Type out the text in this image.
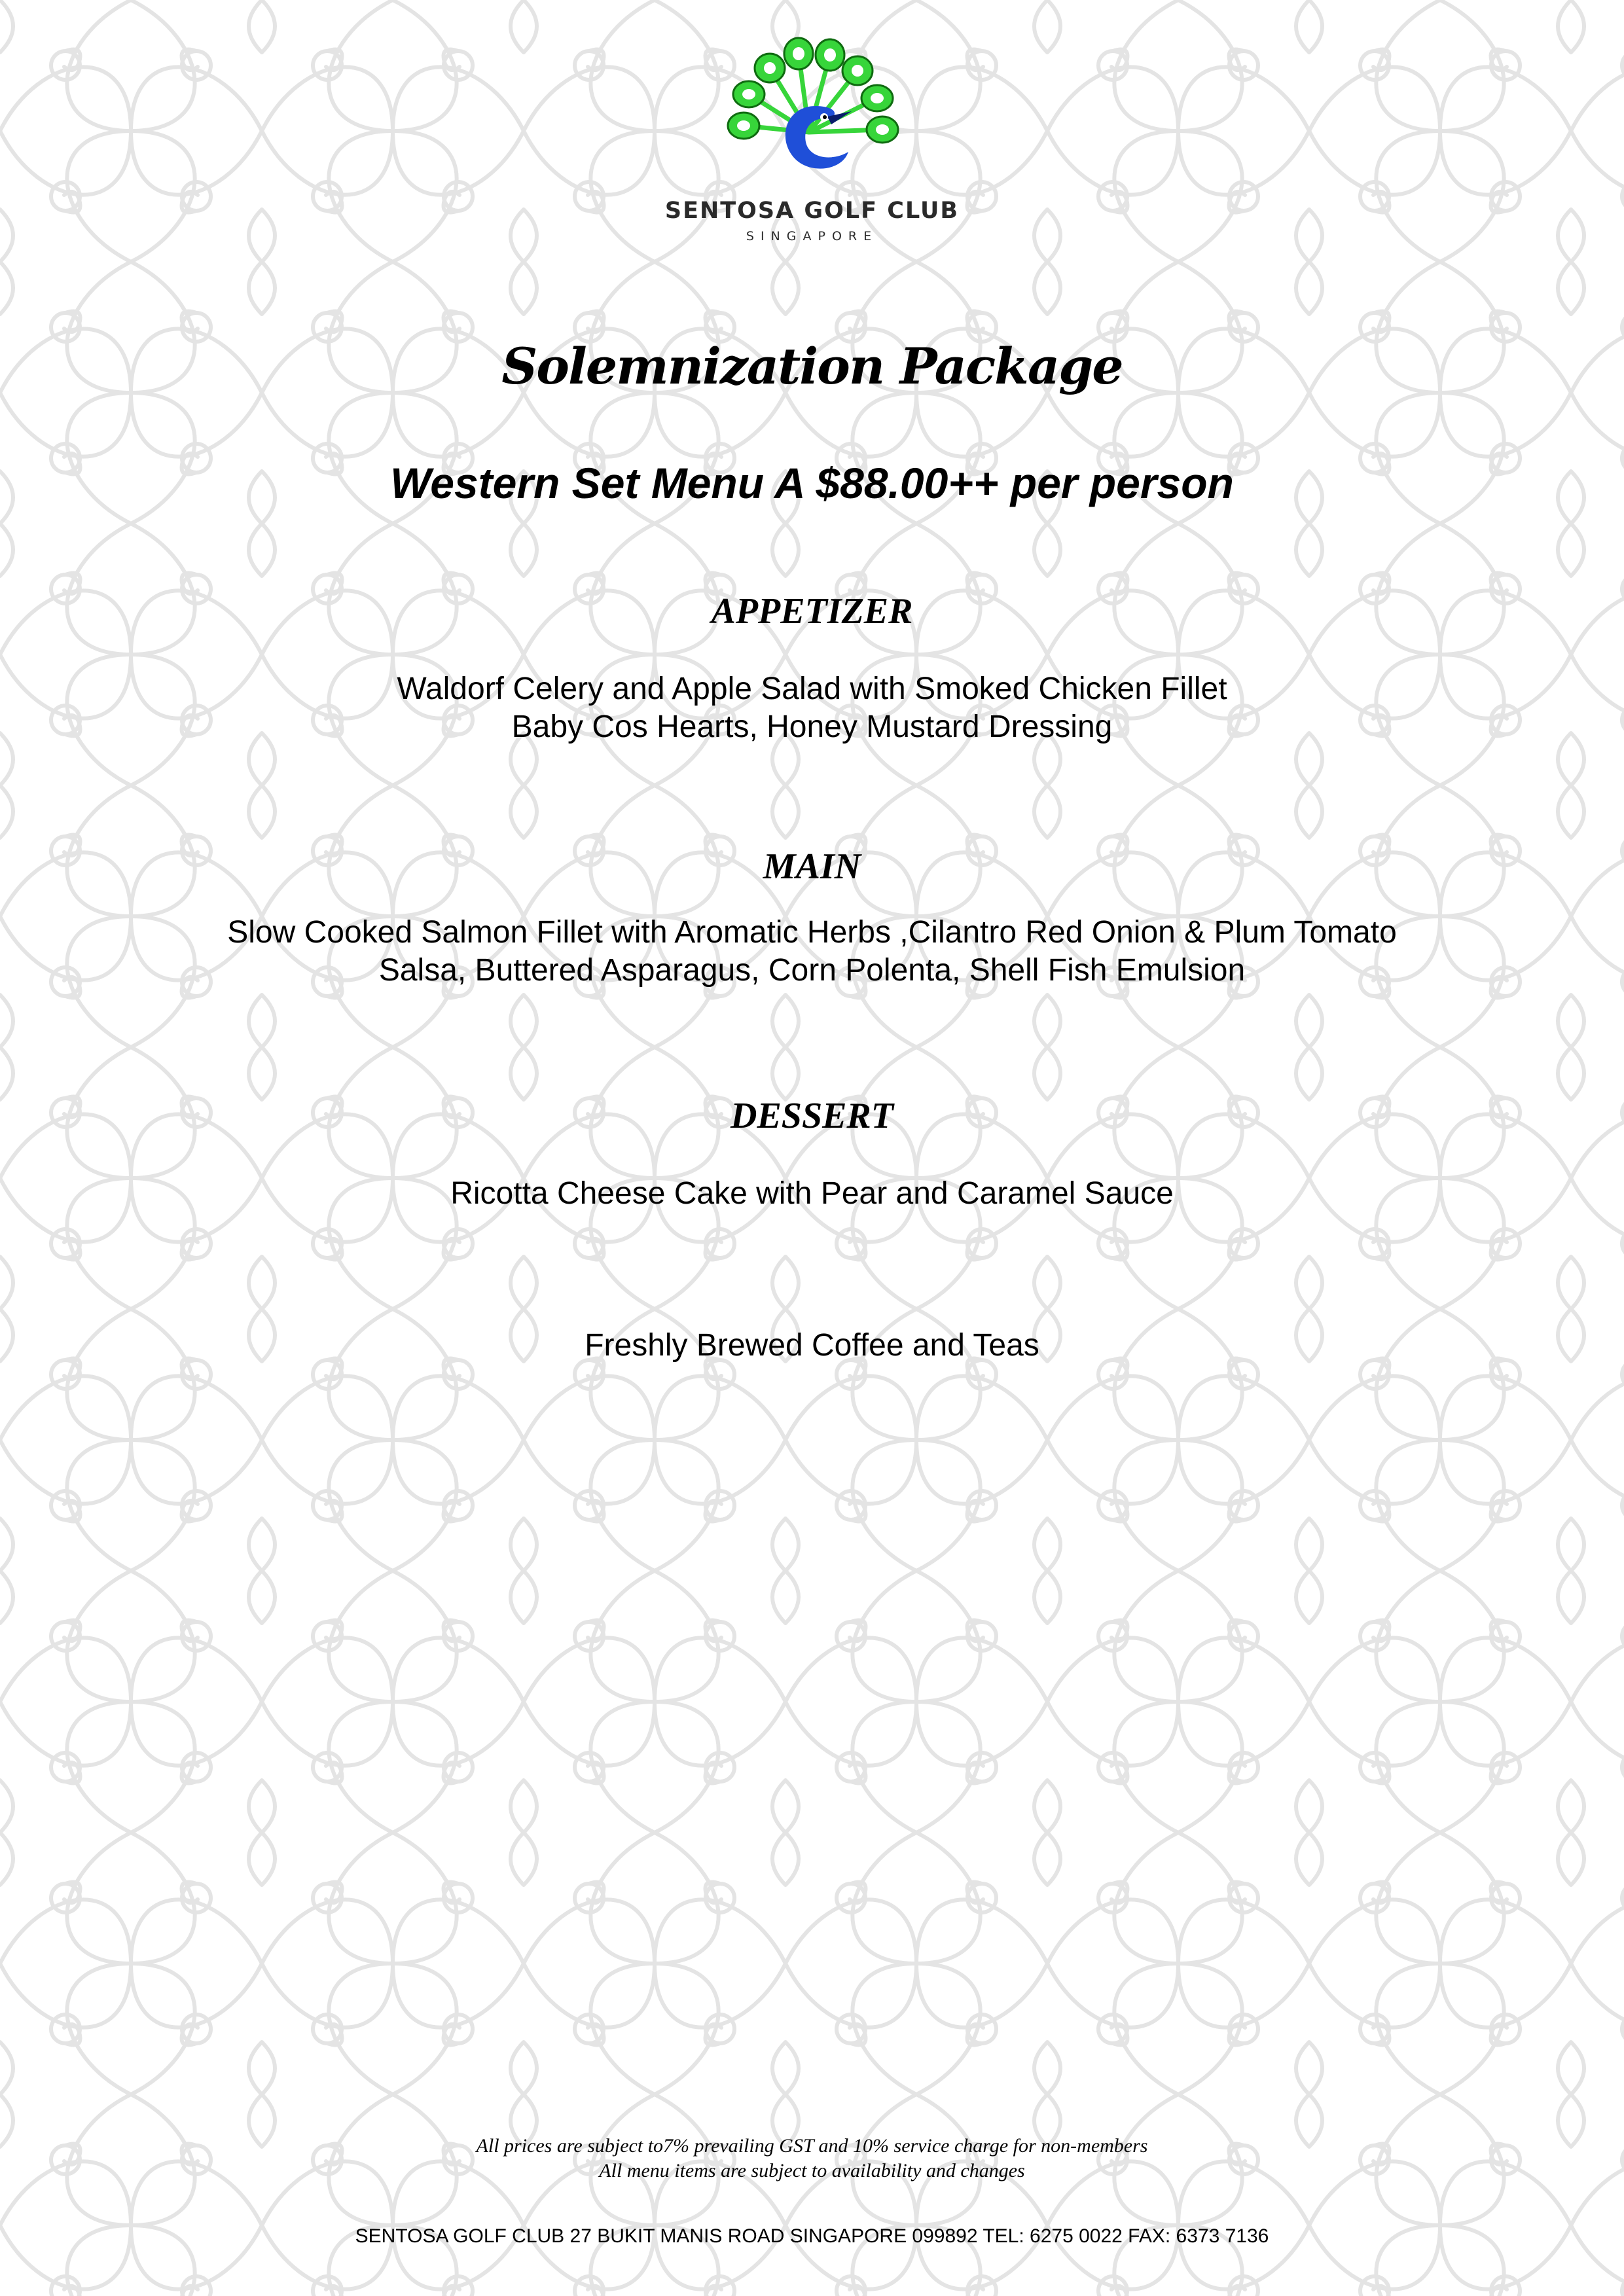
SENTOSA GOLF CLUB
SINGAPORE
Solemnization Package
Western Set Menu A $88.00++ per person
APPETIZER
Waldorf Celery and Apple Salad with Smoked Chicken Fillet
Baby Cos Hearts, Honey Mustard Dressing
MAIN
Slow Cooked Salmon Fillet with Aromatic Herbs ,Cilantro Red Onion & Plum Tomato
Salsa, Buttered Asparagus, Corn Polenta, Shell Fish Emulsion
DESSERT
Ricotta Cheese Cake with Pear and Caramel Sauce
Freshly Brewed Coffee and Teas
All prices are subject to7% prevailing GST and 10% service charge for non-members
All menu items are subject to availability and changes
SENTOSA GOLF CLUB 27 BUKIT MANIS ROAD SINGAPORE 099892 TEL: 6275 0022 FAX: 6373 7136
